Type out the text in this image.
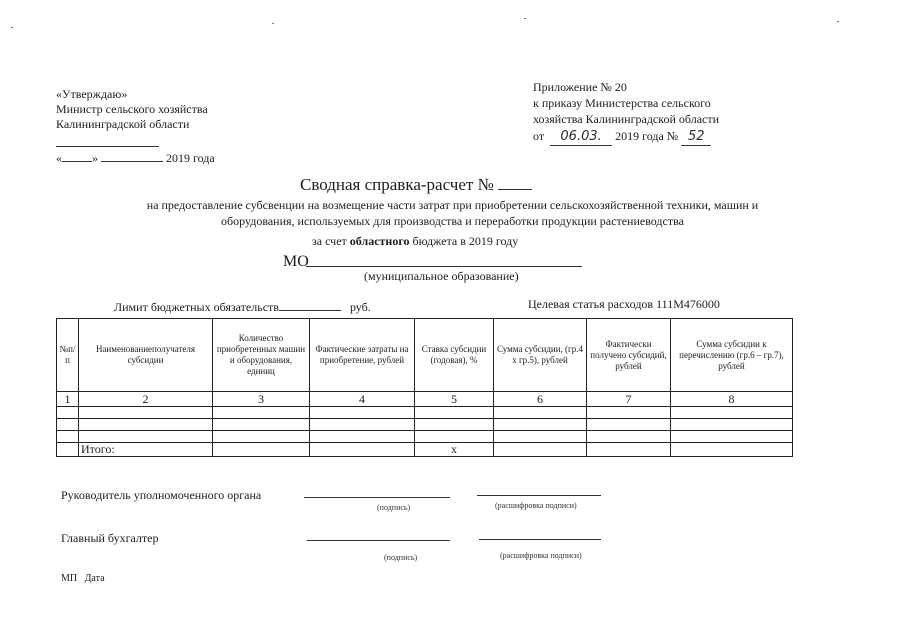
«Утверждаю»
Министр сельского хозяйства
Калининградской области
«	»	2019 года
Приложение № 20
к приказу Министерства сельского
хозяйства Калининградской области
от 06.03. 2019 года № 52
Сводная справка-расчет №
на предоставление субсвенции на возмещение части затрат при приобретении сельскохозяйственной техники, машин и
оборудования, используемых для производства и переработки продукции растениеводства
за счет областного бюджета в 2019 году
МО
(муниципальное образование)
Лимит бюджетных обязательств	руб.	Целевая статья расходов 111М476000
№п/п	Наименованиеполучателя субсидии	Количество приобретенных машин и оборудования, единиц	Фактические затраты на приобретение, рублей	Ставка субсидии (годовая), %	Сумма субсидии, (гр.4 х гр.5), рублей	Фактически получено субсидий, рублей	Сумма субсидии к перечислению (гр.6 – гр.7), рублей
1	2	3	4	5	6	7	8

	Итого:			х			
Руководитель уполномоченного органа
(подпись)	(расшифровка подписи)
Главный бухгалтер
(подпись)	(расшифровка подписи)
МП   Дата
